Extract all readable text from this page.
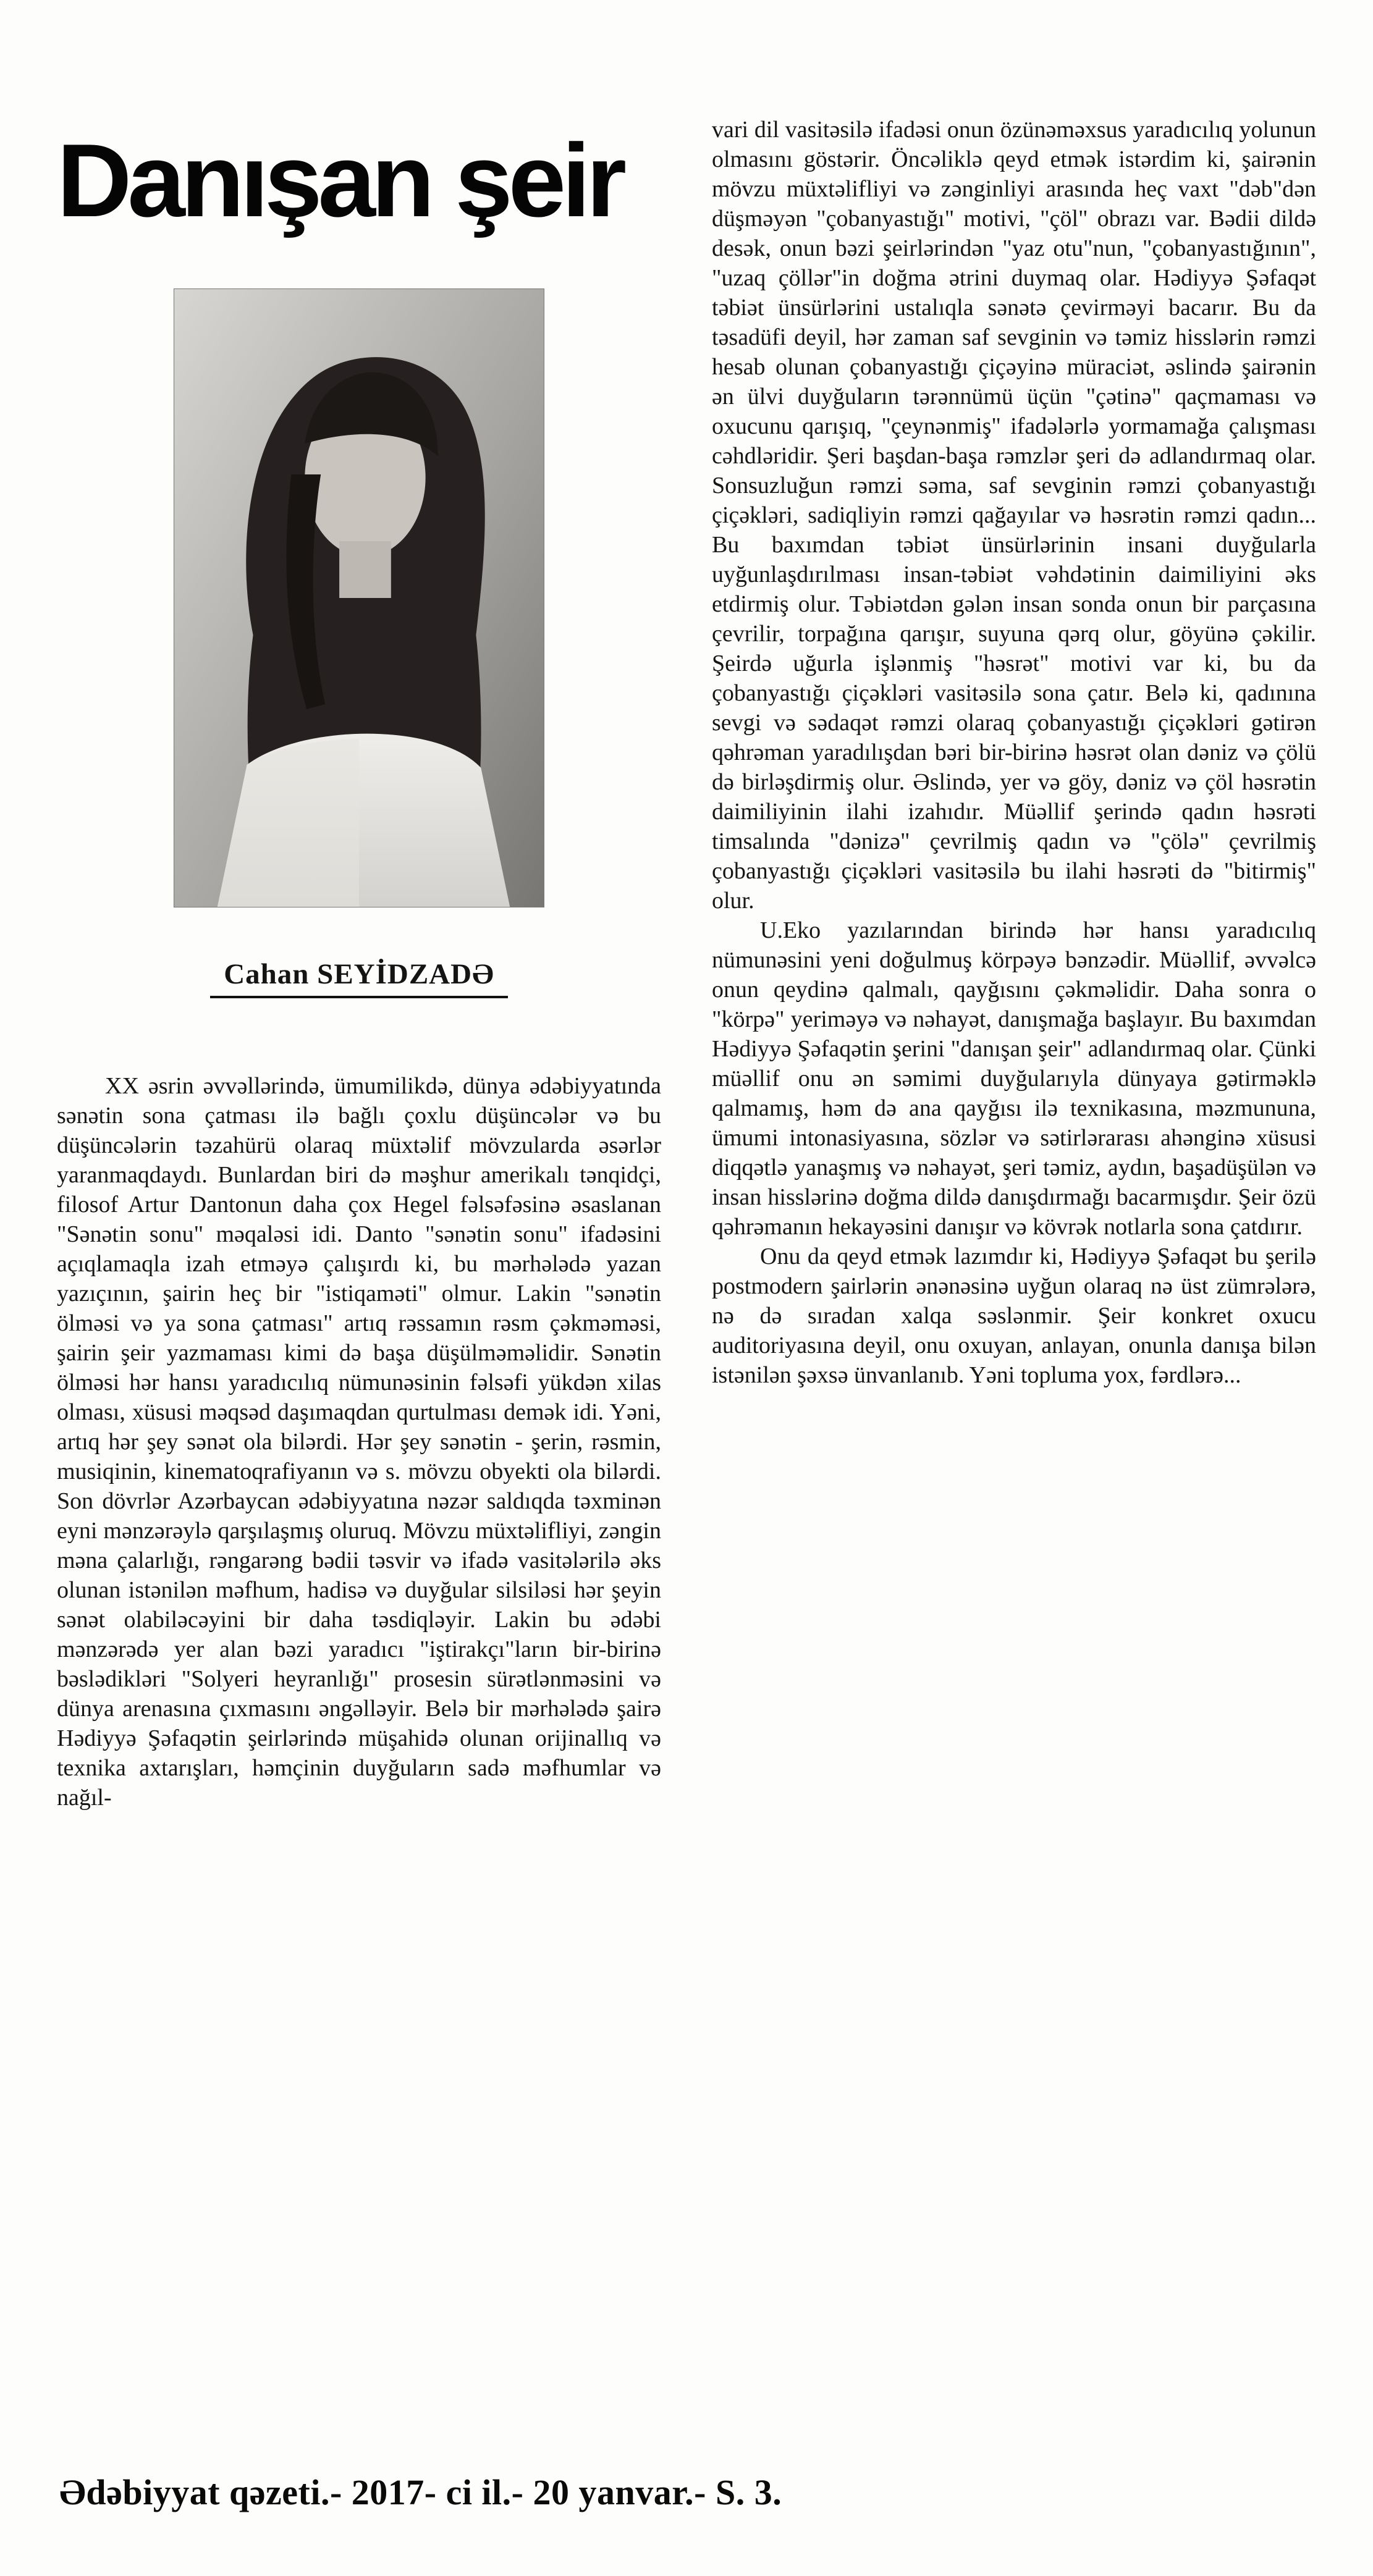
Danışan şeir
Cahan SEYİDZADƏ

XX əsrin əvvəllərində, ümumilikdə, dünya ədəbiyyatında sənətin sona çatması ilə bağlı çoxlu düşüncələr və bu düşüncələrin təzahürü olaraq müxtəlif mövzularda əsərlər yaranmaqdaydı. Bunlardan biri də məşhur amerikalı tənqidçi, filosof Artur Dantonun daha çox Hegel fəlsəfəsinə əsaslanan "Sənətin sonu" məqaləsi idi. Danto "sənətin sonu" ifadəsini açıqlamaqla izah etməyə çalışırdı ki, bu mərhələdə yazan yazıçının, şairin heç bir "istiqaməti" olmur. Lakin "sənətin ölməsi və ya sona çatması" artıq rəssamın rəsm çəkməməsi, şairin şeir yazmaması kimi də başa düşülməməlidir. Sənətin ölməsi hər hansı yaradıcılıq nümunəsinin fəlsəfi yükdən xilas olması, xüsusi məqsəd daşımaqdan qurtulması demək idi. Yəni, artıq hər şey sənət ola bilərdi. Hər şey sənətin - şerin, rəsmin, musiqinin, kinematoqrafiyanın və s. mövzu obyekti ola bilərdi. Son dövrlər Azərbaycan ədəbiyyatına nəzər saldıqda təxminən eyni mənzərəylə qarşılaşmış oluruq. Mövzu müxtəlifliyi, zəngin məna çalarlığı, rəngarəng bədii təsvir və ifadə vasitələrilə əks olunan istənilən məfhum, hadisə və duyğular silsiləsi hər şeyin sənət olabiləcəyini bir daha təsdiqləyir. Lakin bu ədəbi mənzərədə yer alan bəzi yaradıcı "iştirakçı"ların bir-birinə bəslədikləri "Solyeri heyranlığı" prosesin sürətlənməsini və dünya arenasına çıxmasını əngəlləyir. Belə bir mərhələdə şairə Hədiyyə Şəfaqətin şeirlərində müşahidə olunan orijinallıq və texnika axtarışları, həmçinin duyğuların sadə məfhumlar və nağıl-

vari dil vasitəsilə ifadəsi onun özünəməxsus yaradıcılıq yolunun olmasını göstərir. Öncəliklə qeyd etmək istərdim ki, şairənin mövzu müxtəlifliyi və zənginliyi arasında heç vaxt "dəb"dən düşməyən "çobanyastığı" motivi, "çöl" obrazı var. Bədii dildə desək, onun bəzi şeirlərindən "yaz otu"nun, "çobanyastığının", "uzaq çöllər"in doğma ətrini duymaq olar. Hədiyyə Şəfaqət təbiət ünsürlərini ustalıqla sənətə çevirməyi bacarır. Bu da təsadüfi deyil, hər zaman saf sevginin və təmiz hisslərin rəmzi hesab olunan çobanyastığı çiçəyinə müraciət, əslində şairənin ən ülvi duyğuların tərənnümü üçün "çətinə" qaçmaması və oxucunu qarışıq, "çeynənmiş" ifadələrlə yormamağa çalışması cəhdləridir. Şeri başdan-başa rəmzlər şeri də adlandırmaq olar. Sonsuzluğun rəmzi səma, saf sevginin rəmzi çobanyastığı çiçəkləri, sadiqliyin rəmzi qağayılar və həsrətin rəmzi qadın... Bu baxımdan təbiət ünsürlərinin insani duyğularla uyğunlaşdırılması insan-təbiət vəhdətinin daimiliyini əks etdirmiş olur. Təbiətdən gələn insan sonda onun bir parçasına çevrilir, torpağına qarışır, suyuna qərq olur, göyünə çəkilir. Şeirdə uğurla işlənmiş "həsrət" motivi var ki, bu da çobanyastığı çiçəkləri vasitəsilə sona çatır. Belə ki, qadınına sevgi və sədaqət rəmzi olaraq çobanyastığı çiçəkləri gətirən qəhrəman yaradılışdan bəri bir-birinə həsrət olan dəniz və çölü də birləşdirmiş olur. Əslində, yer və göy, dəniz və çöl həsrətin daimiliyinin ilahi izahıdır. Müəllif şerində qadın həsrəti timsalında "dənizə" çevrilmiş qadın və "çölə" çevrilmiş çobanyastığı çiçəkləri vasitəsilə bu ilahi həsrəti də "bitirmiş" olur.

U.Eko yazılarından birində hər hansı yaradıcılıq nümunəsini yeni doğulmuş körpəyə bənzədir. Müəllif, əvvəlcə onun qeydinə qalmalı, qayğısını çəkməlidir. Daha sonra o "körpə" yeriməyə və nəhayət, danışmağa başlayır. Bu baxımdan Hədiyyə Şəfaqətin şerini "danışan şeir" adlandırmaq olar. Çünki müəllif onu ən səmimi duyğularıyla dünyaya gətirməklə qalmamış, həm də ana qayğısı ilə texnikasına, məzmununa, ümumi intonasiyasına, sözlər və sətirlərarası ahənginə xüsusi diqqətlə yanaşmış və nəhayət, şeri təmiz, aydın, başadüşülən və insan hisslərinə doğma dildə danışdırmağı bacarmışdır. Şeir özü qəhrəmanın hekayəsini danışır və kövrək notlarla sona çatdırır.

Onu da qeyd etmək lazımdır ki, Hədiyyə Şəfaqət bu şerilə postmodern şairlərin ənənəsinə uyğun olaraq nə üst zümrələrə, nə də sıradan xalqa səslənmir. Şeir konkret oxucu auditoriyasına deyil, onu oxuyan, anlayan, onunla danışa bilən istənilən şəxsə ünvanlanıb. Yəni topluma yox, fərdlərə...

Ədəbiyyat qəzeti.- 2017- ci il.- 20 yanvar.- S. 3.
